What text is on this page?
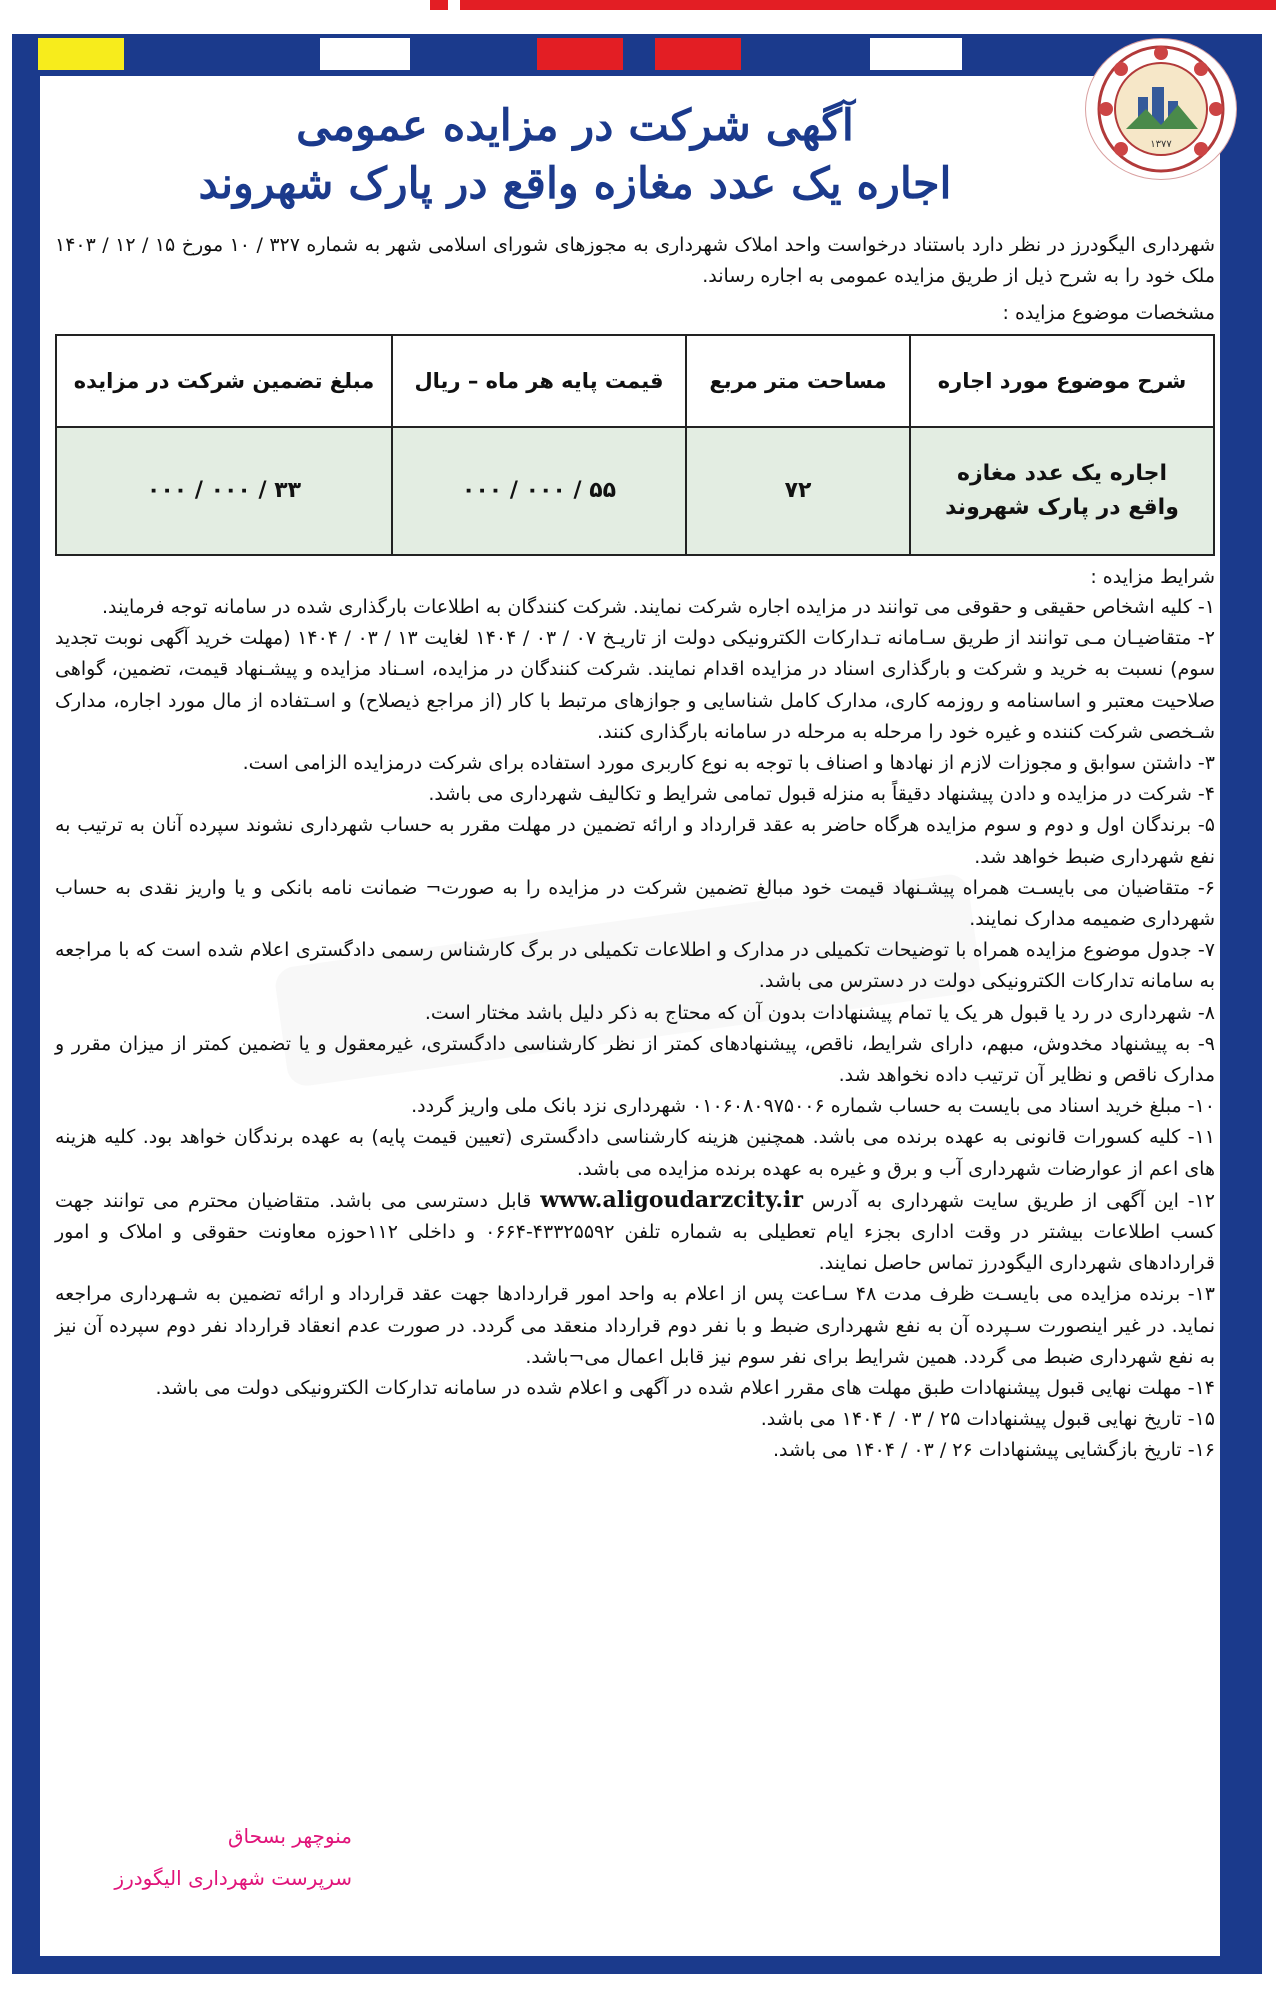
۱۳۷۷
آگهی شرکت در مزایده عمومی
اجاره یک عدد مغازه واقع در پارک شهروند
شهرداری الیگودرز در نظر دارد باستناد درخواست واحد املاک شهرداری به مجوزهای شورای اسلامی شهر به شماره ۳۲۷ / ۱۰ مورخ ۱۵ / ۱۲ / ۱۴۰۳ ملک خود را به شرح ذیل از طریق مزایده عمومی به اجاره رساند.
مشخصات موضوع مزایده :
شرح موضوع مورد اجاره	مساحت متر مربع	قیمت پایه هر ماه – ریال	مبلغ تضمین شرکت در مزایده

اجاره یک عدد مغازه
واقع در پارک شهروند	۷۲	۵۵ / ۰۰۰ / ۰۰۰	۳۳ / ۰۰۰ / ۰۰۰
شرایط مزایده :
۱- کلیه اشخاص حقیقی و حقوقی می توانند در مزایده اجاره شرکت نمایند. شرکت کنندگان به اطلاعات بارگذاری شده در سامانه توجه فرمایند.
۲- متقاضیـان مـی توانند از طریق سـامانه تـدارکات الکترونیکی دولت از تاریـخ ۰۷ / ۰۳ / ۱۴۰۴ لغایت ۱۳ / ۰۳ / ۱۴۰۴ (مهلت خرید آگهی نوبت تجدید سوم) نسبت به خرید و شرکت و بارگذاری اسناد در مزایده اقدام نمایند. شرکت کنندگان در مزایده، اسـناد مزایده و پیشـنهاد قیمت، تضمین، گواهی صلاحیت معتبر و اساسنامه و روزمه کاری، مدارک کامل شناسایی و جوازهای مرتبط با کار (از مراجع ذیصلاح) و اسـتفاده از مال مورد اجاره، مدارک شـخصی شرکت کننده و غیره خود را مرحله به مرحله در سامانه بارگذاری کنند.
۳- داشتن سوابق و مجوزات لازم از نهادها و اصناف با توجه به نوع کاربری مورد استفاده برای شرکت درمزایده الزامی است.
۴- شرکت در مزایده و دادن پیشنهاد دقیقاً به منزله قبول تمامی شرایط و تکالیف شهرداری می باشد.
۵- برندگان اول و دوم و سوم مزایده هرگاه حاضر به عقد قرارداد و ارائه تضمین در مهلت مقرر به حساب شهرداری نشوند سپرده آنان به ترتیب به نفع شهرداری ضبط خواهد شد.
۶- متقاضیان می بایسـت همراه پیشـنهاد قیمت خود مبالغ تضمین شرکت در مزایده را به صورت¬ ضمانت نامه بانکی و یا واریز نقدی به حساب شهرداری ضمیمه مدارک نمایند.
۷- جدول موضوع مزایده همراه با توضیحات تکمیلی در مدارک و اطلاعات تکمیلی در برگ کارشناس رسمی دادگستری اعلام شده است که با مراجعه به سامانه تدارکات الکترونیکی دولت در دسترس می باشد.
۸- شهرداری در رد یا قبول هر یک یا تمام پیشنهادات بدون آن که محتاج به ذکر دلیل باشد مختار است.
۹- به پیشنهاد مخدوش، مبهم، دارای شرایط، ناقص، پیشنهادهای کمتر از نظر کارشناسی دادگستری، غیرمعقول و یا تضمین کمتر از میزان مقرر و مدارک ناقص و نظایر آن ترتیب داده نخواهد شد.
۱۰- مبلغ خرید اسناد می بایست به حساب شماره ۰۱۰۶۰۸۰۹۷۵۰۰۶ شهرداری نزد بانک ملی واریز گردد.
۱۱- کلیه کسورات قانونی به عهده برنده می باشد. همچنین هزینه کارشناسی دادگستری (تعیین قیمت پایه) به عهده برندگان خواهد بود. کلیه هزینه های اعم از عوارضات شهرداری آب و برق و غیره به عهده برنده مزایده می باشد.
۱۲- این آگهی از طریق سایت شهرداری به آدرس www.aligoudarzcity.ir قابل دسترسی می باشد. متقاضیان محترم می توانند جهت کسب اطلاعات بیشتر در وقت اداری بجزء ایام تعطیلی به شماره تلفن ۴۳۳۲۵۵۹۲-۰۶۶۴ و داخلی ۱۱۲حوزه معاونت حقوقی و املاک و امور قراردادهای شهرداری الیگودرز تماس حاصل نمایند.
۱۳- برنده مزایده می بایسـت ظرف مدت ۴۸ سـاعت پس از اعلام به واحد امور قراردادها جهت عقد قرارداد و ارائه تضمین به شـهرداری مراجعه نماید. در غیر اینصورت سـپرده آن به نفع شهرداری ضبط و با نفر دوم قرارداد منعقد می گردد. در صورت عدم انعقاد قرارداد نفر دوم سپرده آن نیز به نفع شهرداری ضبط می گردد. همین شرایط برای نفر سوم نیز قابل اعمال می¬باشد.
۱۴- مهلت نهایی قبول پیشنهادات طبق مهلت های مقرر اعلام شده در آگهی و اعلام شده در سامانه تدارکات الکترونیکی دولت می باشد.
۱۵- تاریخ نهایی قبول پیشنهادات ۲۵ / ۰۳ / ۱۴۰۴ می باشد.
۱۶- تاریخ بازگشایی پیشنهادات ۲۶ / ۰۳ / ۱۴۰۴ می باشد.
منوچهر بسحاق
سرپرست شهرداری الیگودرز
